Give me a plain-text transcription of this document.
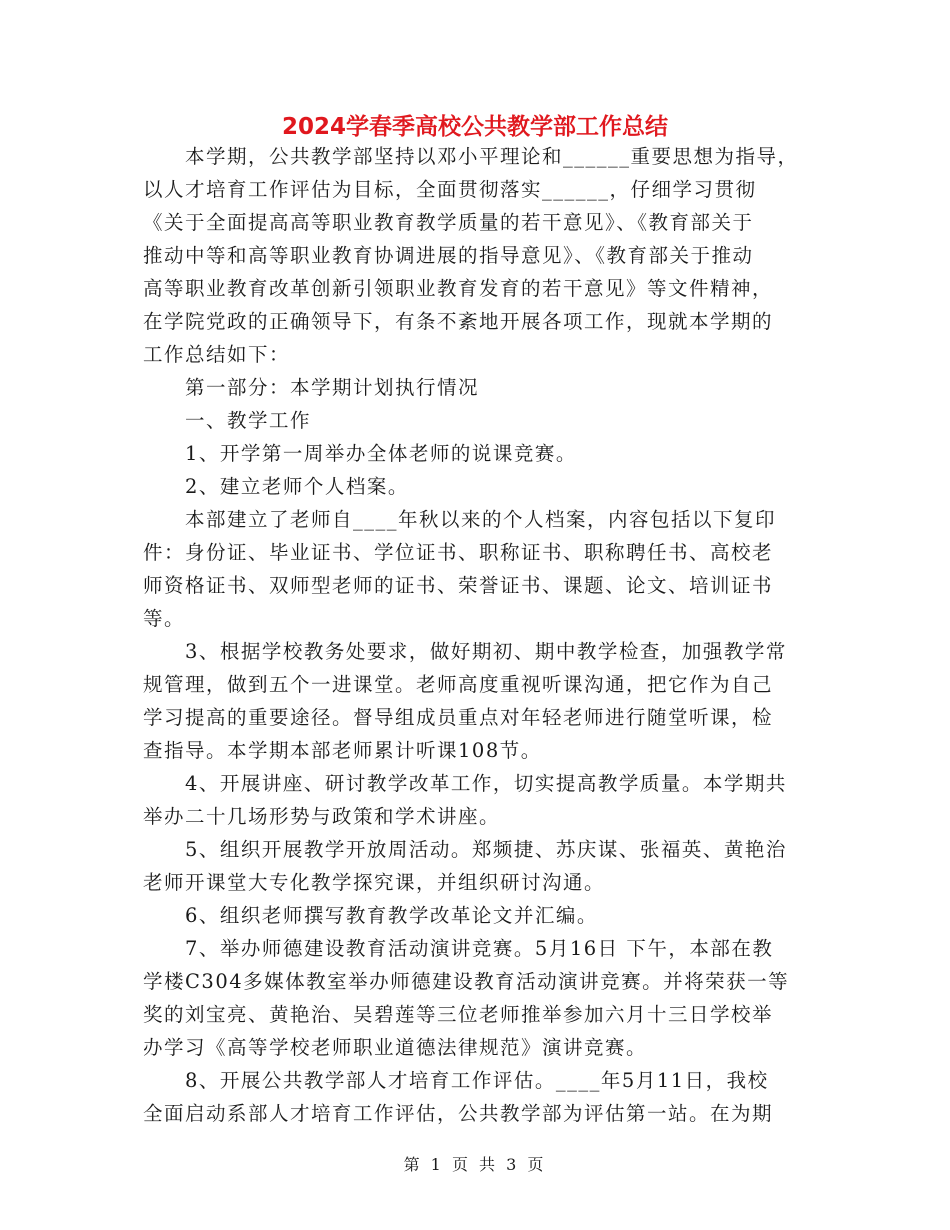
2024学春季高校公共教学部工作总结
本学期，公共教学部坚持以邓小平理论和______重要思想为指导，
以人才培育工作评估为目标，全面贯彻落实______，仔细学习贯彻
《关于全面提高高等职业教育教学质量的若干意见》、《教育部关于
推动中等和高等职业教育协调进展的指导意见》、《教育部关于推动
高等职业教育改革创新引领职业教育发育的若干意见》等文件精神，
在学院党政的正确领导下，有条不紊地开展各项工作，现就本学期的
工作总结如下：
第一部分：本学期计划执行情况
一、教学工作
1、开学第一周举办全体老师的说课竞赛。
2、建立老师个人档案。
本部建立了老师自____年秋以来的个人档案，内容包括以下复印
件：身份证、毕业证书、学位证书、职称证书、职称聘任书、高校老
师资格证书、双师型老师的证书、荣誉证书、课题、论文、培训证书
等。
3、根据学校教务处要求，做好期初、期中教学检查，加强教学常
规管理，做到五个一进课堂。老师高度重视听课沟通，把它作为自己
学习提高的重要途径。督导组成员重点对年轻老师进行随堂听课，检
查指导。本学期本部老师累计听课108节。
4、开展讲座、研讨教学改革工作，切实提高教学质量。本学期共
举办二十几场形势与政策和学术讲座。
5、组织开展教学开放周活动。郑频捷、苏庆谋、张福英、黄艳治
老师开课堂大专化教学探究课，并组织研讨沟通。
6、组织老师撰写教育教学改革论文并汇编。
7、举办师德建设教育活动演讲竞赛。5月16日 下午，本部在教
学楼C304多媒体教室举办师德建设教育活动演讲竞赛。并将荣获一等
奖的刘宝亮、黄艳治、吴碧莲等三位老师推举参加六月十三日学校举
办学习《高等学校老师职业道德法律规范》演讲竞赛。
8、开展公共教学部人才培育工作评估。____年5月11日，我校
全面启动系部人才培育工作评估，公共教学部为评估第一站。在为期
第 1 页 共 3 页
